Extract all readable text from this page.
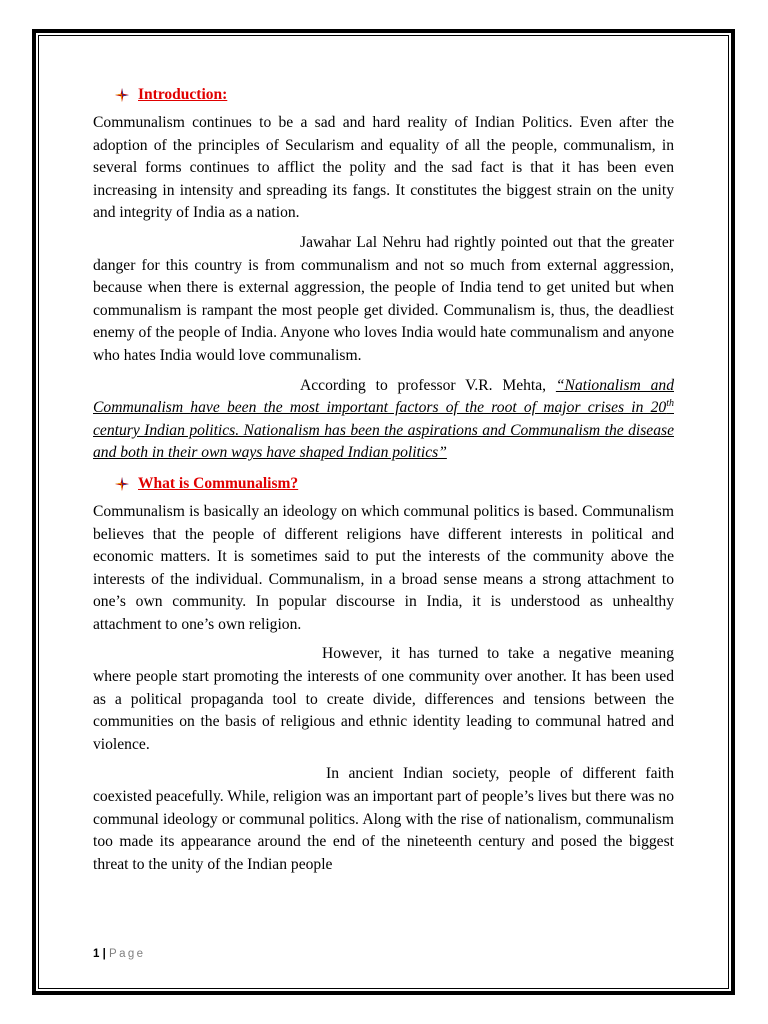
Introduction:

Communalism continues to be a sad and hard reality of Indian Politics. Even after the adoption of the principles of Secularism and equality of all the people, communalism, in several forms continues to afflict the polity and the sad fact is that it has been even increasing in intensity and spreading its fangs. It constitutes the biggest strain on the unity and integrity of India as a nation.

Jawahar Lal Nehru had rightly pointed out that the greater danger for this country is from communalism and not so much from external aggression, because when there is external aggression, the people of India tend to get united but when communalism is rampant the most people get divided. Communalism is, thus, the deadliest enemy of the people of India. Anyone who loves India would hate communalism and anyone who hates India would love communalism.

According to professor V.R. Mehta, “Nationalism and Communalism have been the most important factors of the root of major crises in 20th century Indian politics. Nationalism has been the aspirations and Communalism the disease and both in their own ways have shaped Indian politics”

What is Communalism?

Communalism is basically an ideology on which communal politics is based. Communalism believes that the people of different religions have different interests in political and economic matters. It is sometimes said to put the interests of the community above the interests of the individual. Communalism, in a broad sense means a strong attachment to one’s own community. In popular discourse in India, it is understood as unhealthy attachment to one’s own religion.

However, it has turned to take a negative meaning where people start promoting the interests of one community over another. It has been used as a political propaganda tool to create divide, differences and tensions between the communities on the basis of religious and ethnic identity leading to communal hatred and violence.

In ancient Indian society, people of different faith coexisted peacefully. While, religion was an important part of people’s lives but there was no communal ideology or communal politics. Along with the rise of nationalism, communalism too made its appearance around the end of the nineteenth century and posed the biggest threat to the unity of the Indian people

1 | Page
